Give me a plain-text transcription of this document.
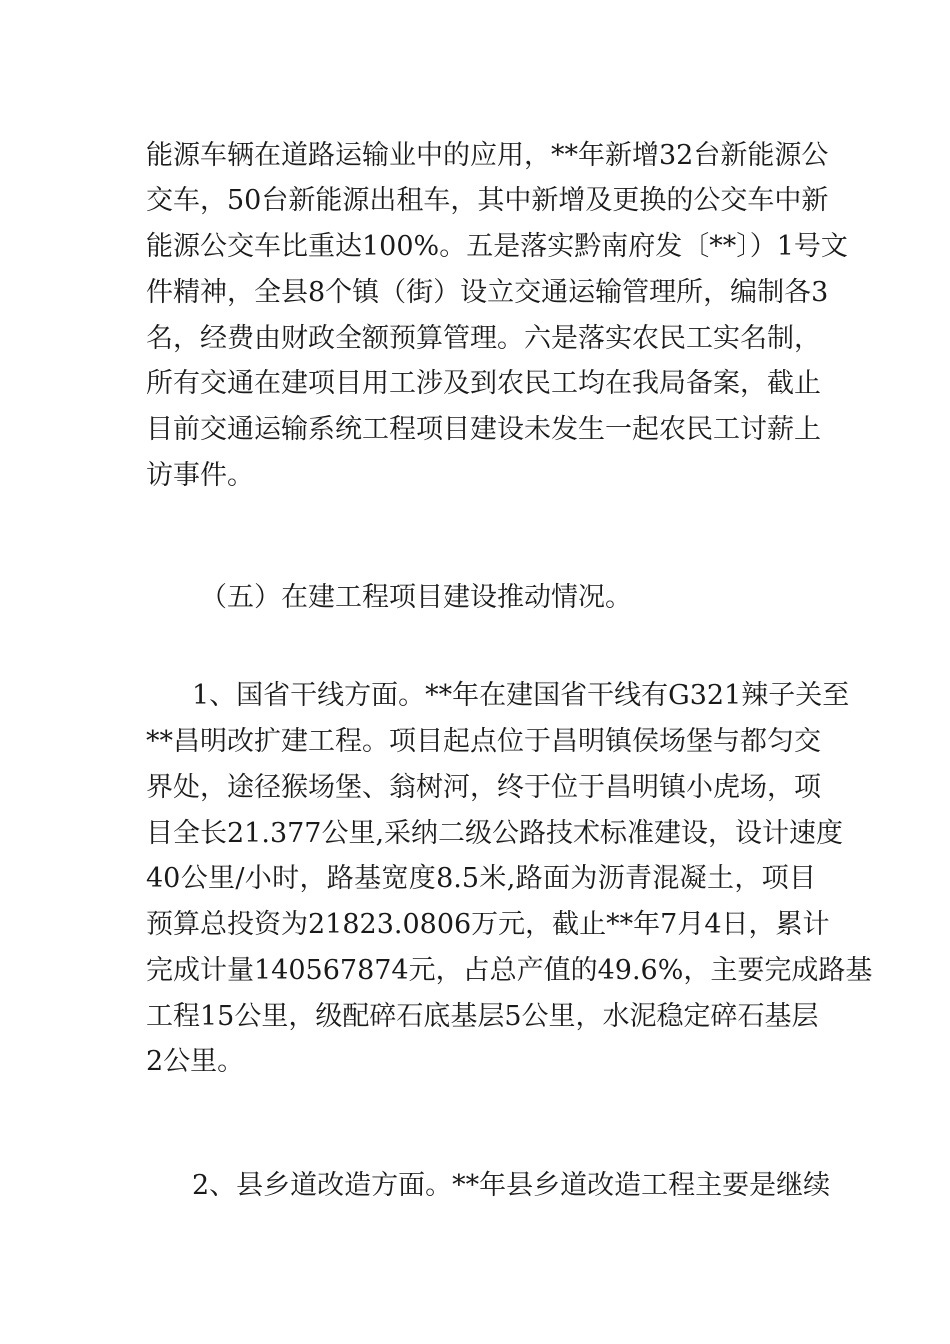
能源车辆在道路运输业中的应用，**年新增32台新能源公
交车，50台新能源出租车，其中新增及更换的公交车中新
能源公交车比重达100%。五是落实黔南府发〔**〕）1号文
件精神，全县8个镇（街）设立交通运输管理所，编制各3
名，经费由财政全额预算管理。六是落实农民工实名制，
所有交通在建项目用工涉及到农民工均在我局备案，截止
目前交通运输系统工程项目建设未发生一起农民工讨薪上
访事件。
（五）在建工程项目建设推动情况。
1、国省干线方面。**年在建国省干线有G321辣子关至
**昌明改扩建工程。项目起点位于昌明镇侯场堡与都匀交
界处，途径猴场堡、翁树河，终于位于昌明镇小虎场，项
目全长21.377公里,采纳二级公路技术标准建设，设计速度
40公里/小时，路基宽度8.5米,路面为沥青混凝土，项目
预算总投资为21823.0806万元，截止**年7月4日，累计
完成计量140567874元，占总产值的49.6%，主要完成路基
工程15公里，级配碎石底基层5公里，水泥稳定碎石基层
2公里。
2、县乡道改造方面。**年县乡道改造工程主要是继续
